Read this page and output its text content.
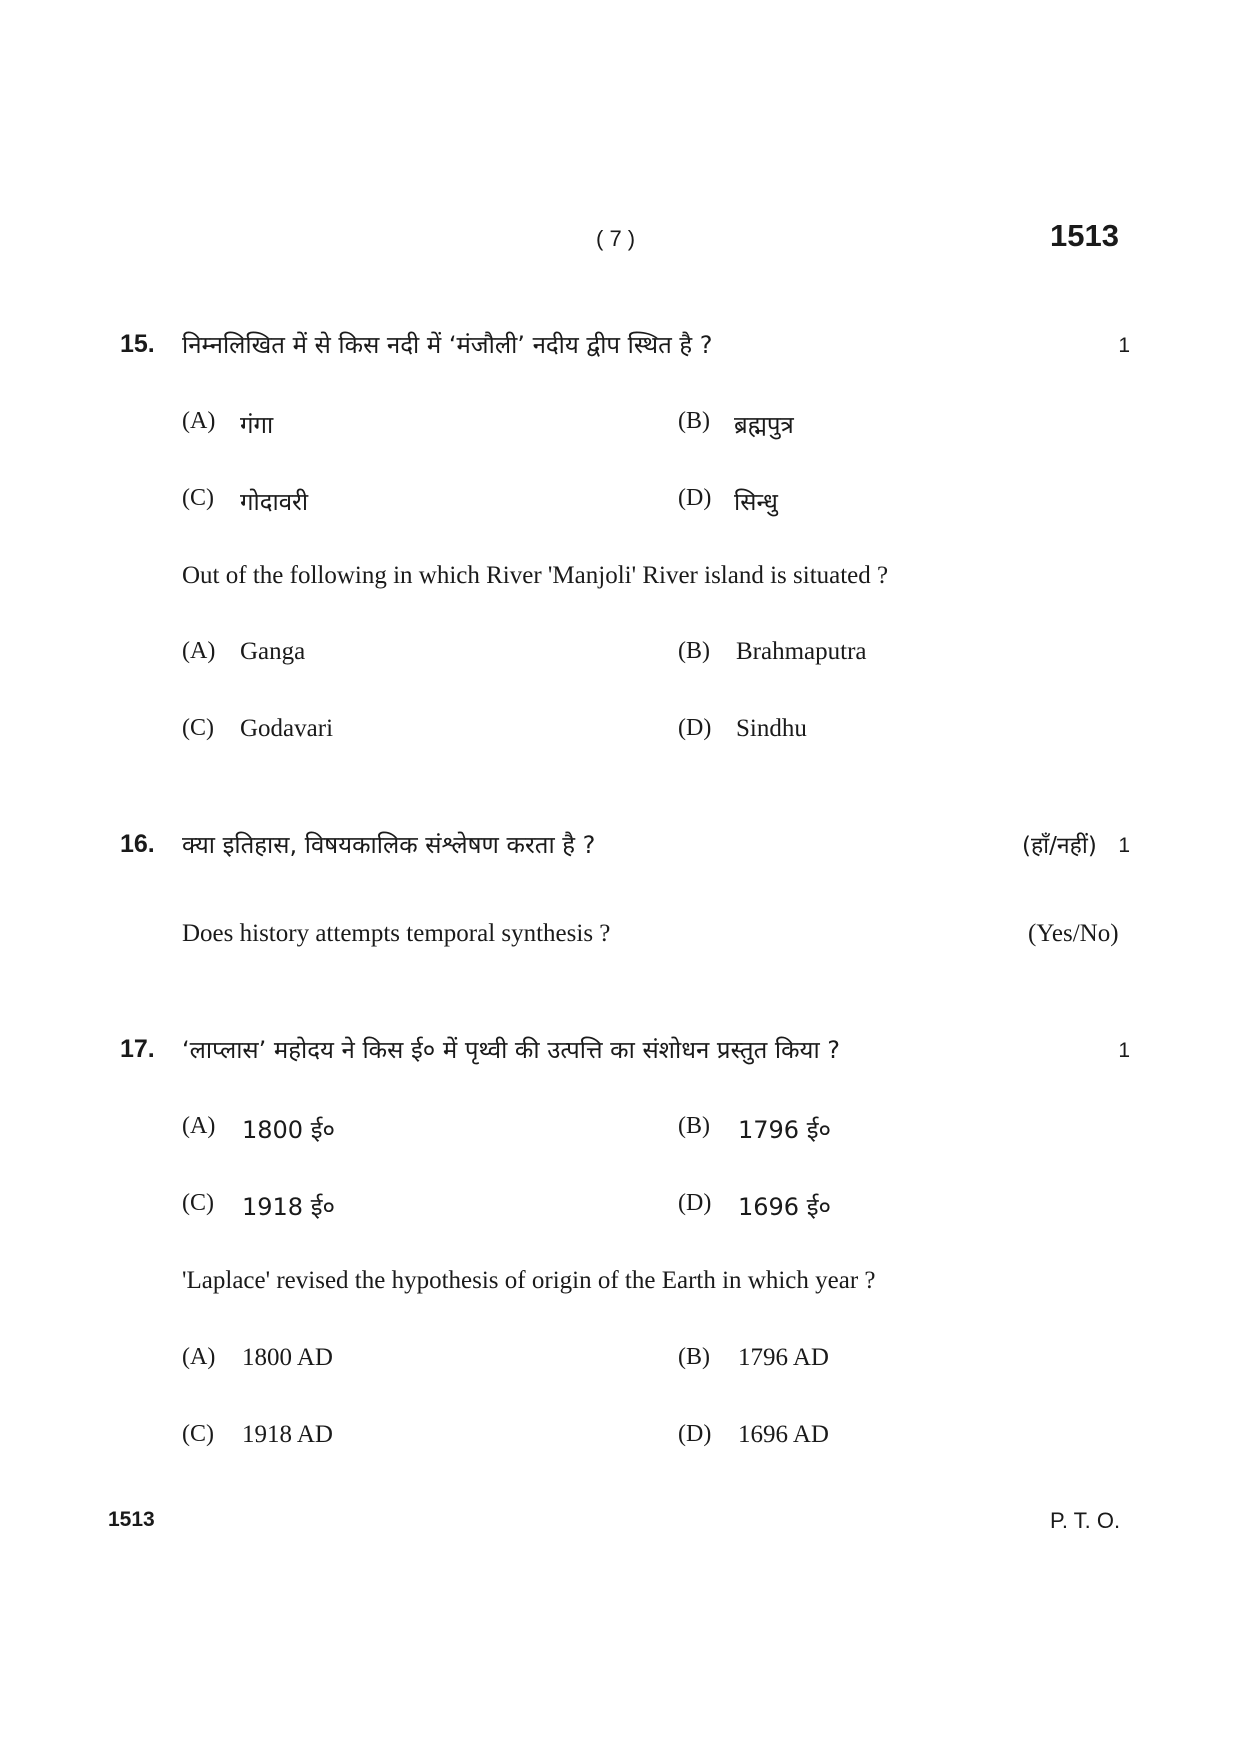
( 7 )	1513
15. निम्नलिखित में से किस नदी में ‘मंजौली’ नदीय द्वीप स्थित है ?	1
(A) गंगा	(B) ब्रह्मपुत्र
(C) गोदावरी	(D) सिन्धु
Out of the following in which River 'Manjoli' River island is situated ?
(A) Ganga	(B) Brahmaputra
(C) Godavari	(D) Sindhu
16. क्या इतिहास, विषयकालिक संश्लेषण करता है ?	(हाँ/नहीं)	1
Does history attempts temporal synthesis ?	(Yes/No)
17. ‘लाप्लास’ महोदय ने किस ई० में पृथ्वी की उत्पत्ति का संशोधन प्रस्तुत किया ?	1
(A) 1800 ई०	(B) 1796 ई०
(C) 1918 ई०	(D) 1696 ई०
'Laplace' revised the hypothesis of origin of the Earth in which year ?
(A) 1800 AD	(B) 1796 AD
(C) 1918 AD	(D) 1696 AD
1513	P. T. O.
